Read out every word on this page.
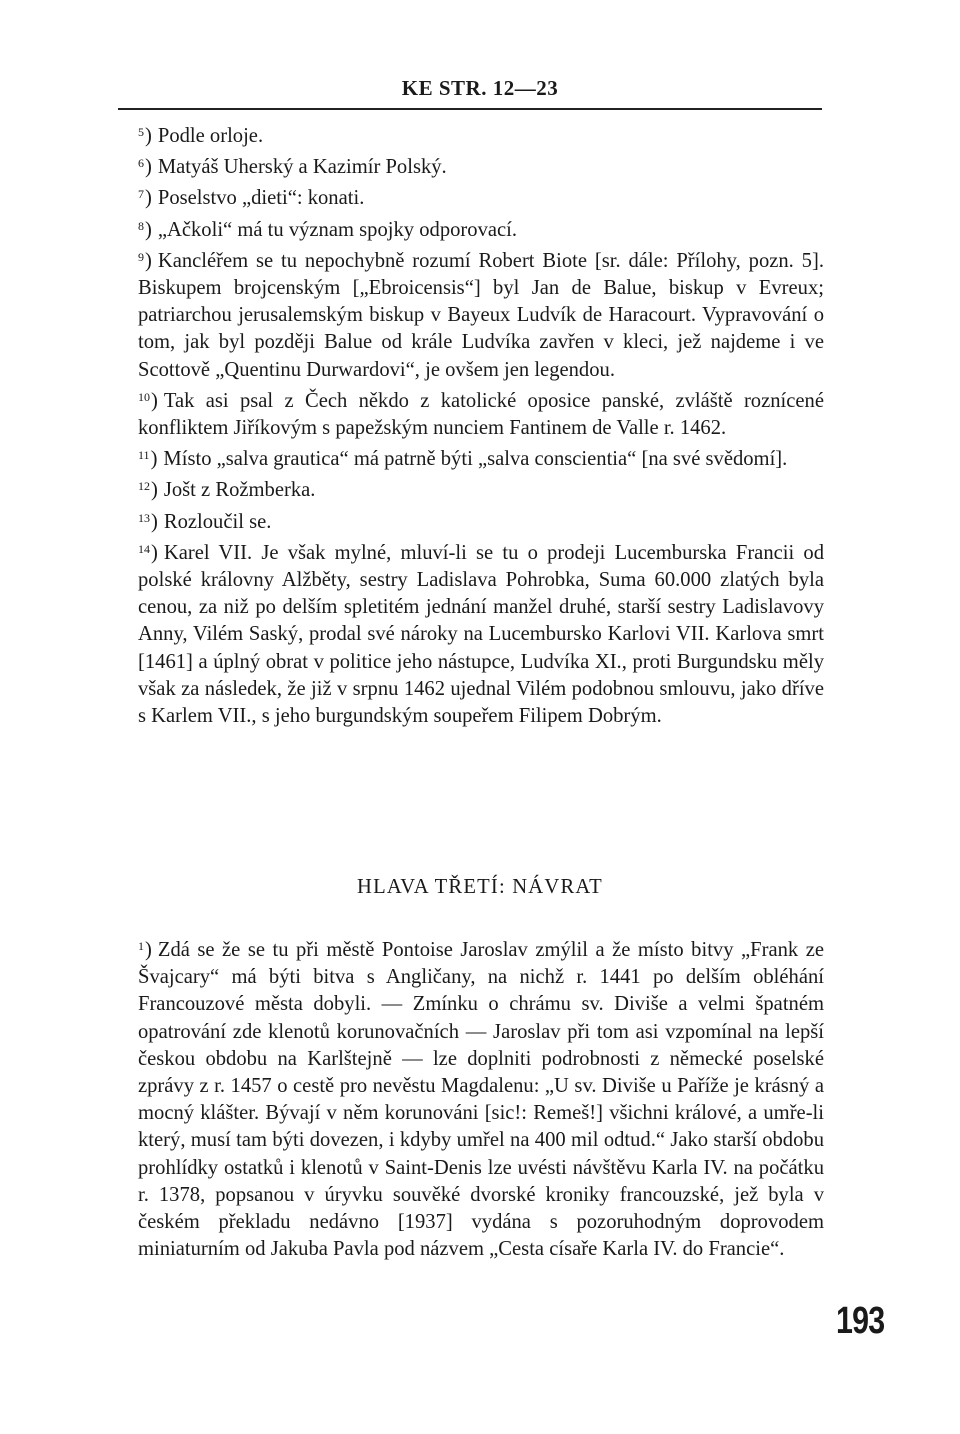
KE STR. 12—23

$^5$) Podle orloje.

$^6$) Matyáš Uherský a Kazimír Polský.

$^7$) Poselstvo „dieti“: konati.

$^8$) „Ačkoli“ má tu význam spojky odporovací.

$^9$) Kancléřem se tu nepochybně rozumí Robert Biote [sr. dále: Přílohy, pozn. 5]. Biskupem brojcenským [„Ebroicensis“] byl Jan de Balue, biskup v Evreux; patriarchou jerusalemským biskup v Bayeux Ludvík de Haracourt. Vypravování o tom, jak byl později Balue od krále Ludvíka zavřen v kleci, jež najdeme i ve Scottově „Quentinu Durwardovi“, je ovšem jen legendou.

$^{10}$) Tak asi psal z Čech někdo z katolické oposice panské, zvláště roznícené konfliktem Jiříkovým s papežským nunciem Fantinem de Valle r. 1462.

$^{11}$) Místo „salva grautica“ má patrně býti „salva conscientia“ [na své svědomí].

$^{12}$) Jošt z Rožmberka.

$^{13}$) Rozloučil se.

$^{14}$) Karel VII. Je však mylné, mluví-li se tu o prodeji Lucemburska Francii od polské královny Alžběty, sestry Ladislava Pohrobka, Suma 60.000 zlatých byla cenou, za niž po delším spletitém jednání manžel druhé, starší sestry Ladislavovy Anny, Vilém Saský, prodal své nároky na Lucembursko Karlovi VII. Karlova smrt [1461] a úplný obrat v politice jeho nástupce, Ludvíka XI., proti Burgundsku měly však za následek, že již v srpnu 1462 ujednal Vilém podobnou smlouvu, jako dříve s Karlem VII., s jeho burgundským soupeřem Filipem Dobrým.

HLAVA TŘETÍ: NÁVRAT

$^1$) Zdá se že se tu při městě Pontoise Jaroslav zmýlil a že místo bitvy „Frank ze Švajcary“ má býti bitva s Angličany, na nichž r. 1441 po delším obléhání Francouzové města dobyli. — Zmínku o chrámu sv. Diviše a velmi špatném opatrování zde klenotů korunovačních — Jaroslav při tom asi vzpomínal na lepší českou obdobu na Karlštejně — lze doplniti podrobnosti z německé poselské zprávy z r. 1457 o cestě pro nevěstu Magdalenu: „U sv. Diviše u Paříže je krásný a mocný klášter. Bývají v něm korunováni [sic!: Remeš!] všichni králové, a umře-li který, musí tam býti dovezen, i kdyby umřel na 400 mil odtud.“ Jako starší obdobu prohlídky ostatků i klenotů v Saint-Denis lze uvésti návštěvu Karla IV. na počátku r. 1378, popsanou v úryvku souvěké dvorské kroniky francouzské, jež byla v českém překladu nedávno [1937] vydána s pozoruhodným doprovodem miniaturním od Jakuba Pavla pod názvem „Cesta císaře Karla IV. do Francie“.

193
